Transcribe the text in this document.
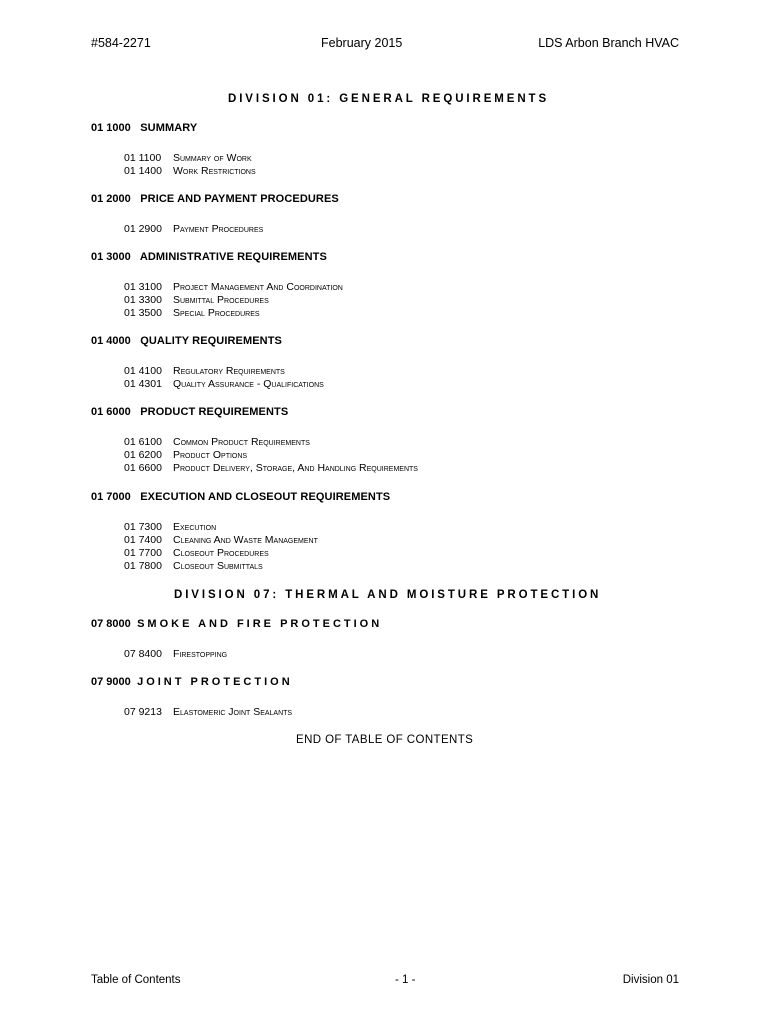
#584-2271	February 2015	LDS Arbon Branch HVAC
DIVISION 01: GENERAL REQUIREMENTS
01 1000 SUMMARY
01 1100 Summary of Work
01 1400 Work Restrictions
01 2000 PRICE AND PAYMENT PROCEDURES
01 2900 Payment Procedures
01 3000 ADMINISTRATIVE REQUIREMENTS
01 3100 Project Management And Coordination
01 3300 Submittal Procedures
01 3500 Special Procedures
01 4000 QUALITY REQUIREMENTS
01 4100 Regulatory Requirements
01 4301 Quality Assurance - Qualifications
01 6000 PRODUCT REQUIREMENTS
01 6100 Common Product Requirements
01 6200 Product Options
01 6600 Product Delivery, Storage, And Handling Requirements
01 7000 EXECUTION AND CLOSEOUT REQUIREMENTS
01 7300 Execution
01 7400 Cleaning And Waste Management
01 7700 Closeout Procedures
01 7800 Closeout Submittals
DIVISION 07: THERMAL AND MOISTURE PROTECTION
07 8000 SMOKE AND FIRE PROTECTION
07 8400 Firestopping
07 9000 JOINT PROTECTION
07 9213 Elastomeric Joint Sealants
END OF TABLE OF CONTENTS
Table of Contents	- 1 -	Division 01
